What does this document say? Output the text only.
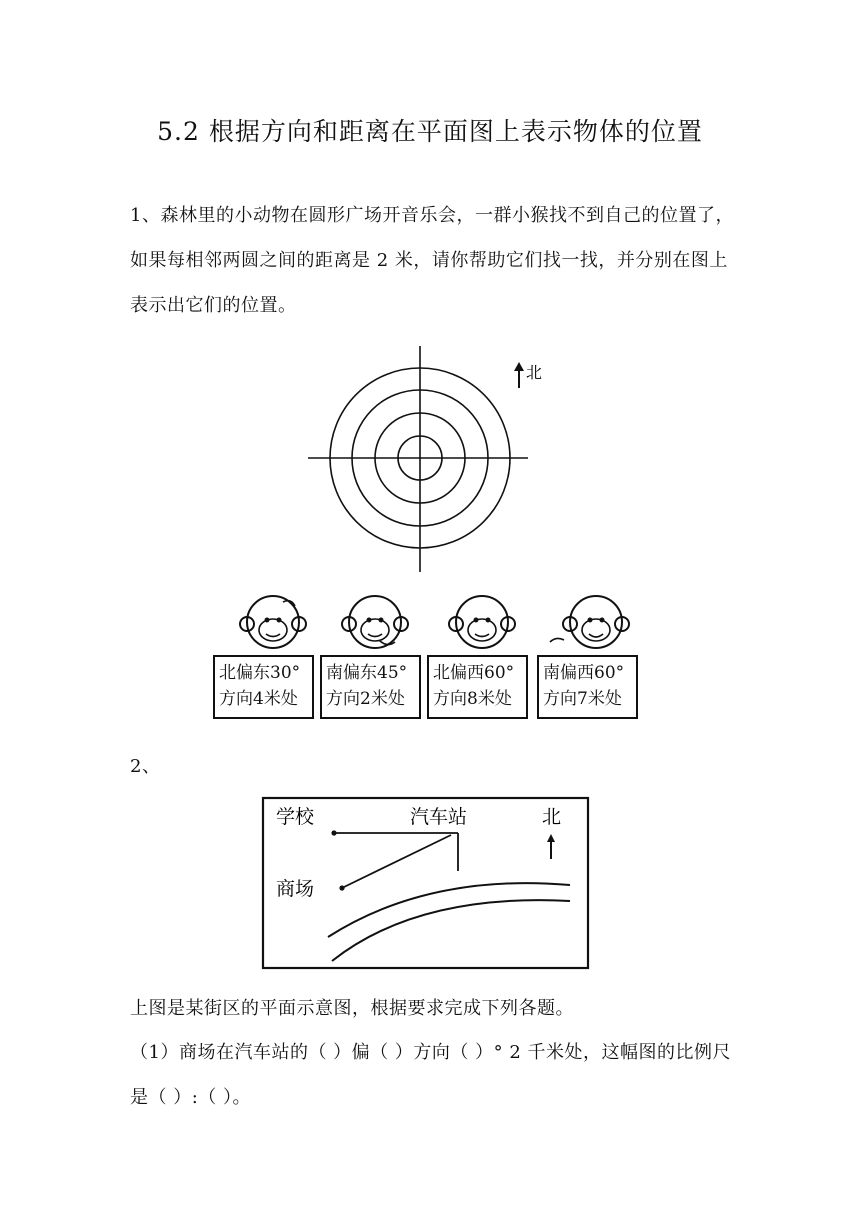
5.2 根据方向和距离在平面图上表示物体的位置
1、森林里的小动物在圆形广场开音乐会，一群小猴找不到自己的位置了，如果每相邻两圆之间的距离是 2 米，请你帮助它们找一找，并分别在图上表示出它们的位置。
北
北偏东30°
方向4米处
南偏东45°
方向2米处
北偏西60°
方向8米处
南偏西60°
方向7米处
2、
学校	汽车站	北
商场
上图是某街区的平面示意图，根据要求完成下列各题。
（1）商场在汽车站的（ ）偏（ ）方向（ ）° 2 千米处，这幅图的比例尺是（ ）:（ ）。
